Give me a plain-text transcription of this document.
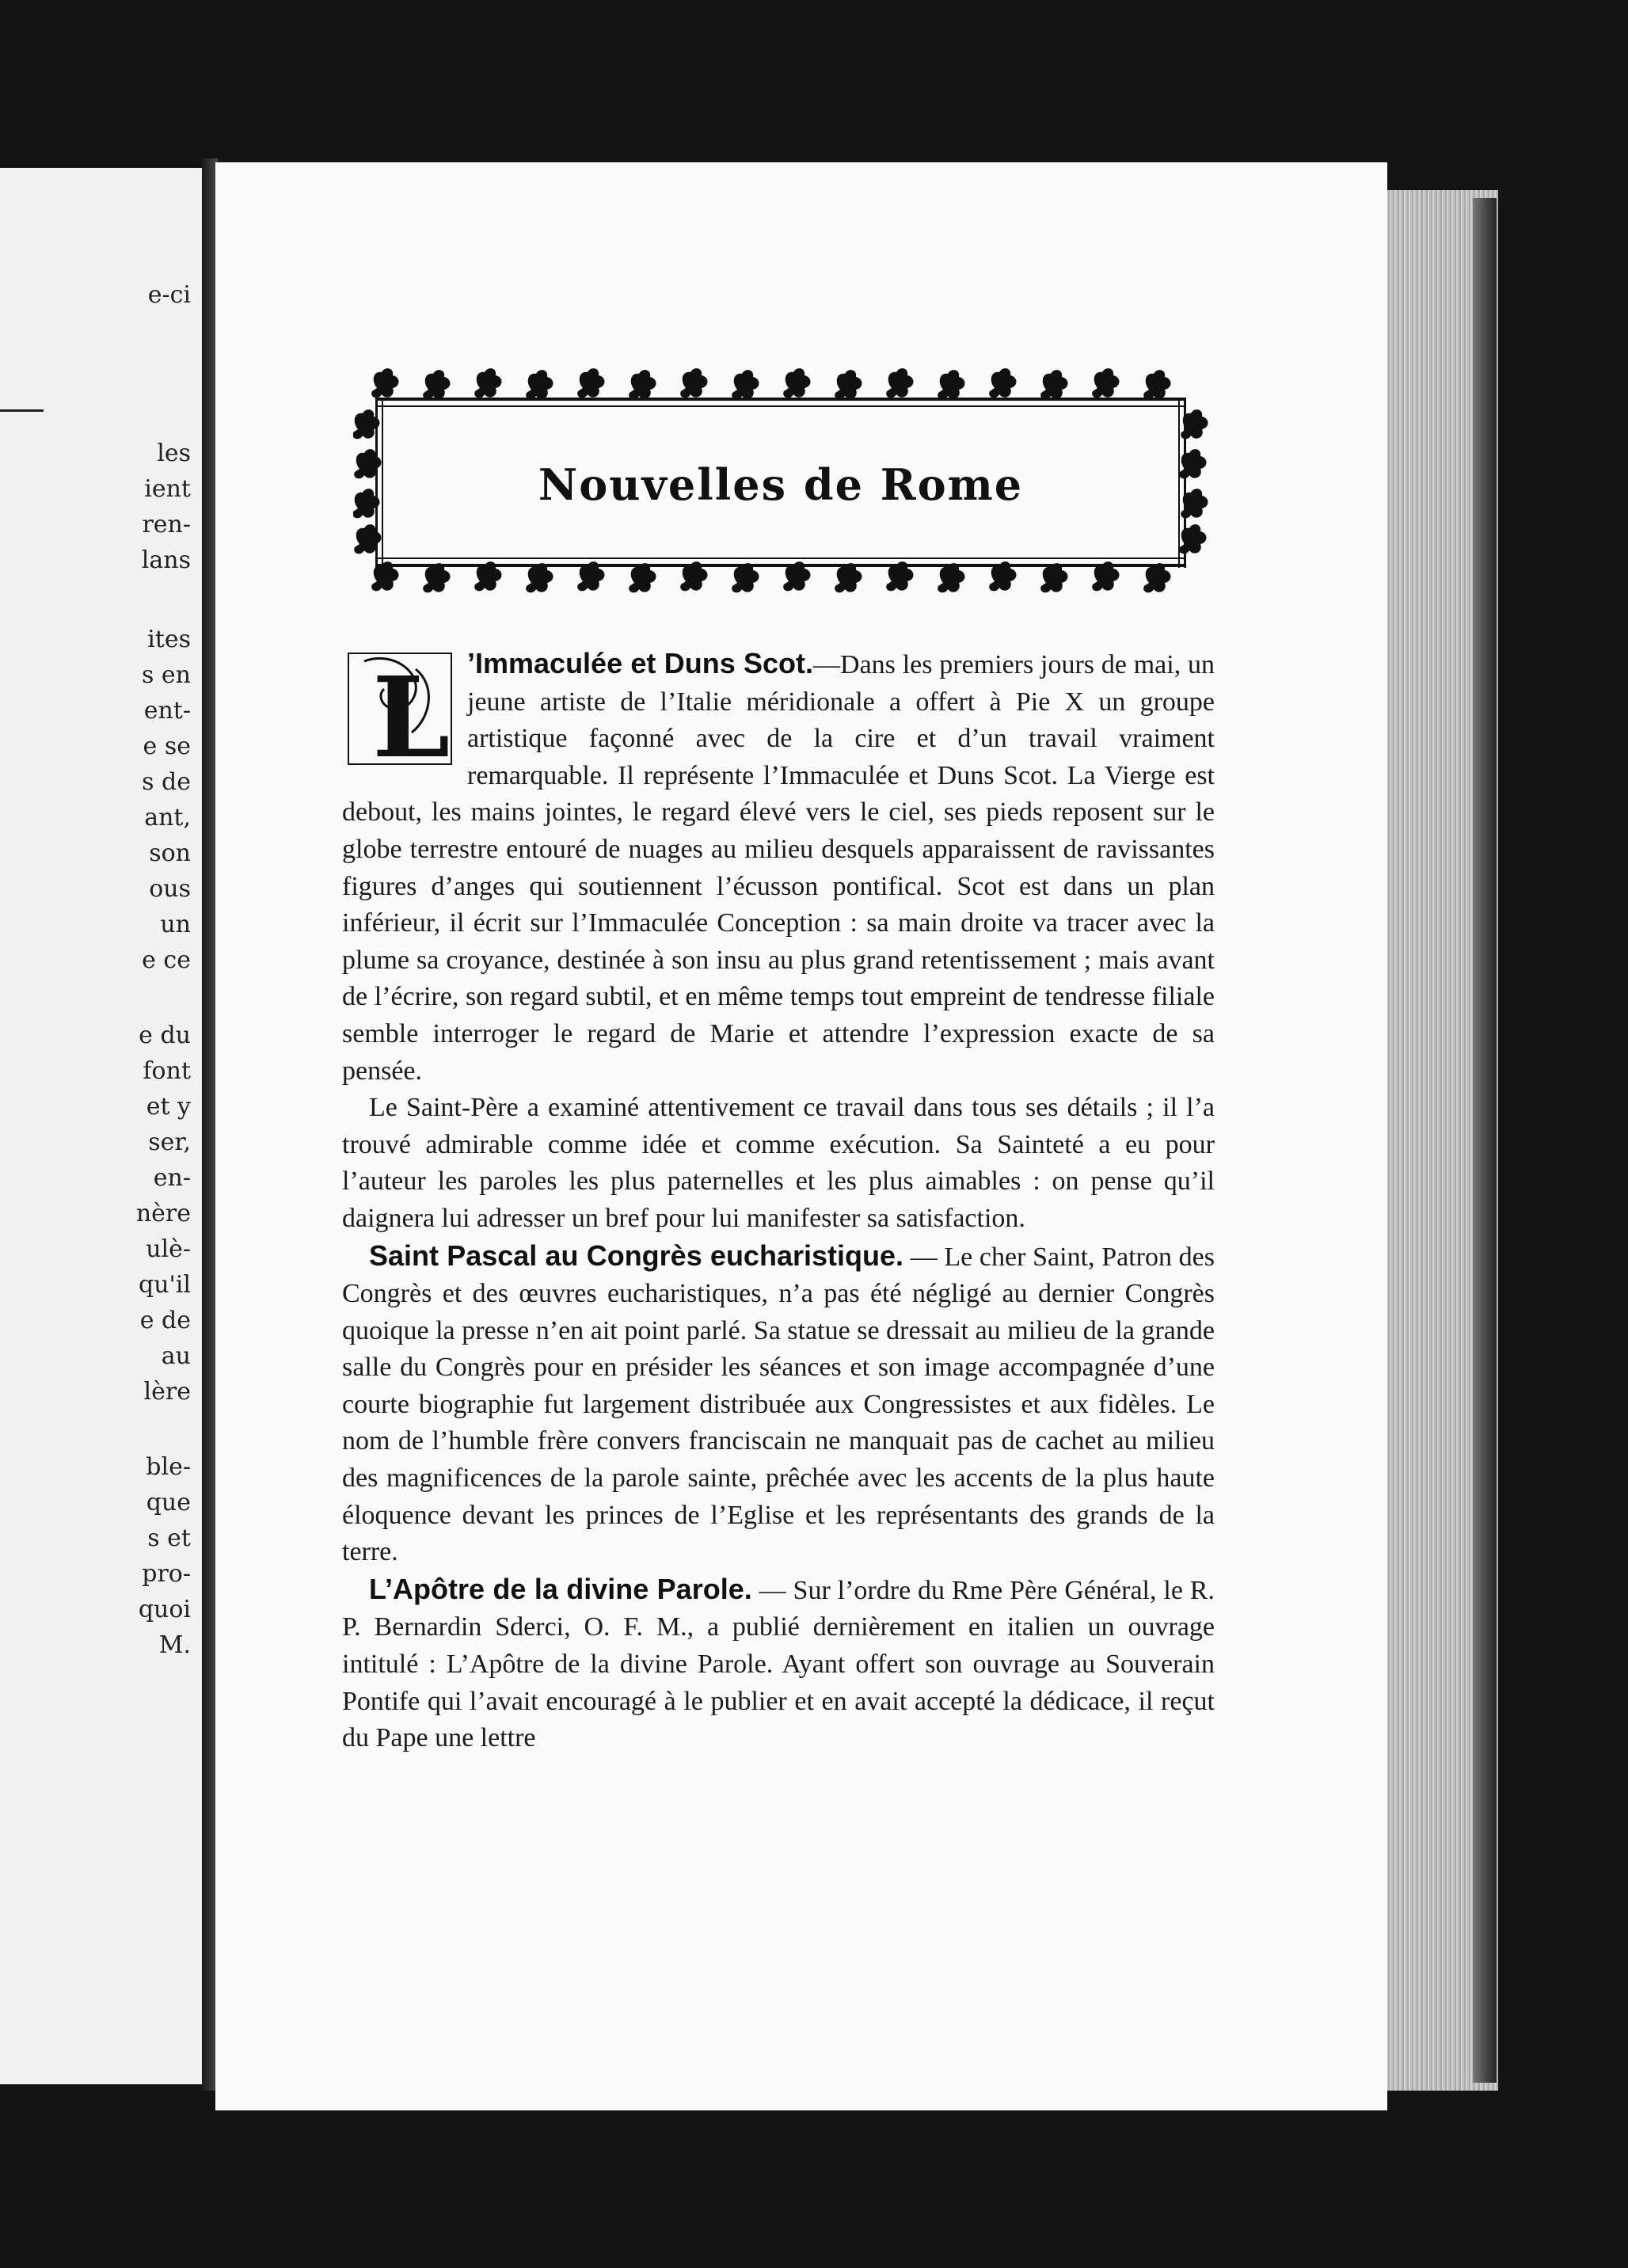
e-ci
les
ient
ren-
lans
ites
s en
ent-
e se
s de
ant,
son
ous
un
e ce
e du
font
et y
ser,
en-
nère
ulè-
qu'il
e de
au
lère
ble-
que
s et
pro-
quoi
M.
Nouvelles de Rome

L ’Immaculée et Duns Scot.—Dans les premiers jours de mai, un jeune artiste de l’Italie méridionale a offert à Pie X un groupe artistique façonné avec de la cire et d’un travail vraiment remarquable. Il représente l’Immaculée et Duns Scot. La Vierge est debout, les mains jointes, le regard élevé vers le ciel, ses pieds reposent sur le globe terrestre entouré de nuages au milieu desquels apparaissent de ravissantes figures d’anges qui soutiennent l’écusson pontifical. Scot est dans un plan inférieur, il écrit sur l’Immaculée Conception : sa main droite va tracer avec la plume sa croyance, destinée à son insu au plus grand retentissement ; mais avant de l’écrire, son regard subtil, et en même temps tout empreint de tendresse filiale semble interroger le regard de Marie et attendre l’expression exacte de sa pensée.

Le Saint-Père a examiné attentivement ce travail dans tous ses détails ; il l’a trouvé admirable comme idée et comme exécution. Sa Sainteté a eu pour l’auteur les paroles les plus paternelles et les plus aimables : on pense qu’il daignera lui adresser un bref pour lui manifester sa satisfaction.

Saint Pascal au Congrès eucharistique. — Le cher Saint, Patron des Congrès et des œuvres eucharistiques, n’a pas été négligé au dernier Congrès quoique la presse n’en ait point parlé. Sa statue se dressait au milieu de la grande salle du Congrès pour en présider les séances et son image accompagnée d’une courte biographie fut largement distribuée aux Congressistes et aux fidèles. Le nom de l’humble frère convers franciscain ne manquait pas de cachet au milieu des magnificences de la parole sainte, prêchée avec les accents de la plus haute éloquence devant les princes de l’Eglise et les représentants des grands de la terre.

L’Apôtre de la divine Parole. — Sur l’ordre du Rme Père Général, le R. P. Bernardin Sderci, O. F. M., a publié dernièrement en italien un ouvrage intitulé : L’Apôtre de la divine Parole. Ayant offert son ouvrage au Souverain Pontife qui l’avait encouragé à le publier et en avait accepté la dédicace, il reçut du Pape une lettre
